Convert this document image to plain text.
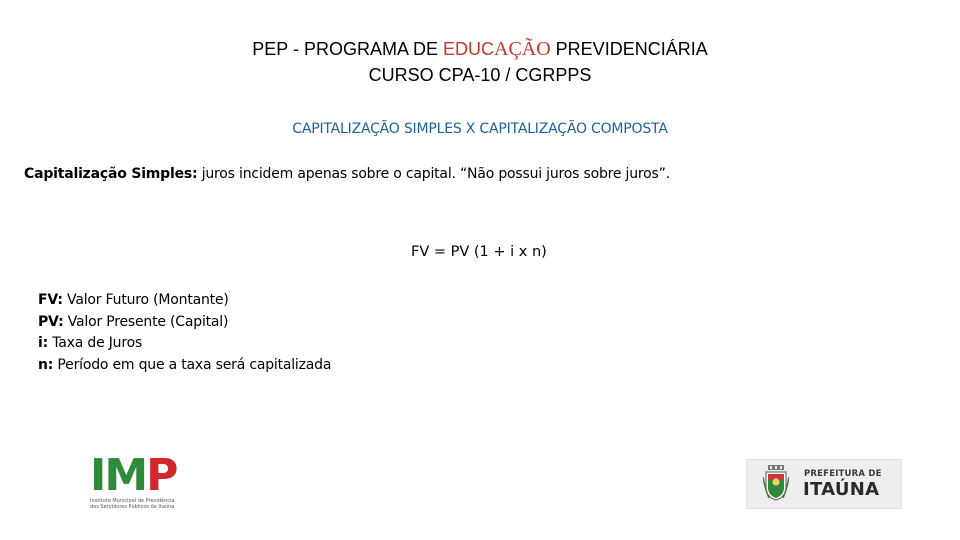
PEP - PROGRAMA DE EDUCAÇÃO PREVIDENCIÁRIA
CURSO CPA-10 / CGRPPS
CAPITALIZAÇÃO SIMPLES X CAPITALIZAÇÃO COMPOSTA
Capitalização Simples: juros incidem apenas sobre o capital. “Não possui juros sobre juros”.
FV = PV (1 + i x n)
FV: Valor Futuro (Montante)
PV: Valor Presente (Capital)
i: Taxa de Juros
n: Período em que a taxa será capitalizada
IMP
Instituto Municipal de Previdência
dos Servidores Públicos de Itaúna
PREFEITURA DE
ITAÚNA
